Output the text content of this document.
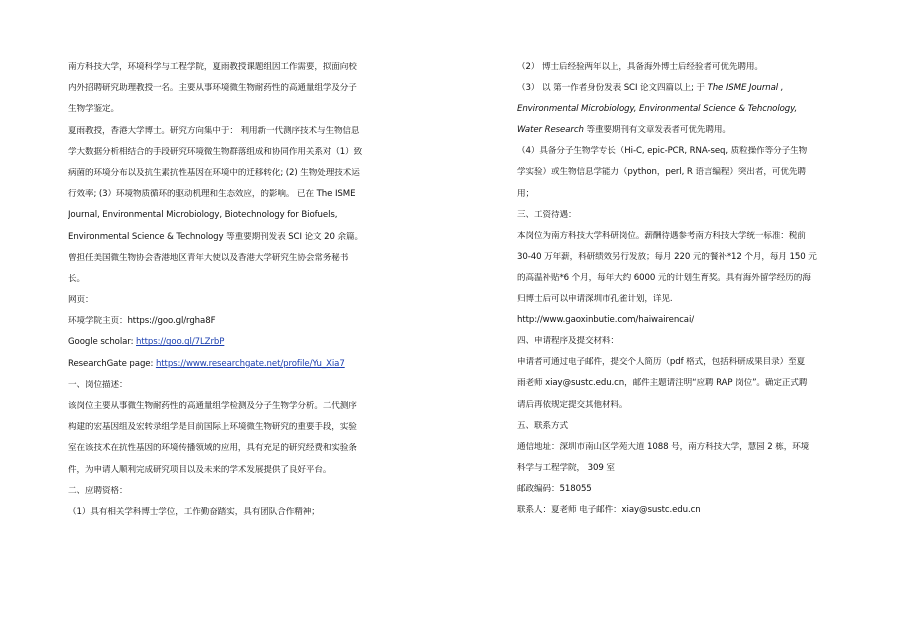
南方科技大学，环境科学与工程学院，夏雨教授课题组因工作需要，拟面向校
内外招聘研究助理教授一名。主要从事环境微生物耐药性的高通量组学及分子
生物学鉴定。
夏雨教授，香港大学博士。研究方向集中于： 利用新一代测序技术与生物信息
学大数据分析相结合的手段研究环境微生物群落组成和协同作用关系对（1）致
病菌的环境分布以及抗生素抗性基因在环境中的迁移转化; (2) 生物处理技术运
行效率; (3）环境物质循环的驱动机理和生态效应，的影响。 已在 The ISME
Journal, Environmental Microbiology, Biotechnology for Biofuels,
Environmental Science & Technology 等重要期刊发表 SCI 论文 20 余篇。
曾担任美国微生物协会香港地区青年大使以及香港大学研究生协会常务秘书
长。
网页：
环境学院主页：https://goo.gl/rgha8F
Google scholar: https://goo.gl/7LZrbP
ResearchGate page: https://www.researchgate.net/profile/Yu_Xia7
一、岗位描述：
该岗位主要从事微生物耐药性的高通量组学检测及分子生物学分析。二代测序
构建的宏基因组及宏转录组学是目前国际上环境微生物研究的重要手段，实验
室在该技术在抗性基因的环境传播领域的应用，具有充足的研究经费和实验条
件，为申请人顺利完成研究项目以及未来的学术发展提供了良好平台。
二、应聘资格：
（1）具有相关学科博士学位，工作勤奋踏实，具有团队合作精神；
（2） 博士后经验两年以上，具备海外博士后经验者可优先聘用。
（3） 以 第一作者身份发表 SCI 论文四篇以上; 于 The ISME Journal ,
Environmental Microbiology, Environmental Science & Tehcnology,
Water Research 等重要期刊有文章发表者可优先聘用。
（4）具备分子生物学专长（Hi-C, epic-PCR, RNA-seq, 质粒操作等分子生物
学实验）或生物信息学能力（python，perl, R 语言编程）突出者，可优先聘
用；
三、工资待遇：
本岗位为南方科技大学科研岗位。薪酬待遇参考南方科技大学统一标准：税前
30-40 万年薪，科研绩效另行发放；每月 220 元的餐补*12 个月，每月 150 元
的高温补贴*6 个月，每年大约 6000 元的计划生育奖。具有海外留学经历的海
归博士后可以申请深圳市孔雀计划，详见.
http://www.gaoxinbutie.com/haiwairencai/
四、申请程序及提交材料：
申请者可通过电子邮件，提交个人简历（pdf 格式，包括科研成果目录）至夏
雨老师 xiay@sustc.edu.cn，邮件主题请注明“应聘 RAP 岗位”。确定正式聘
请后再依规定提交其他材料。
五、联系方式
通信地址：深圳市南山区学苑大道 1088 号，南方科技大学，慧园 2 栋，环境
科学与工程学院， 309 室
邮政编码：518055
联系人：夏老师 电子邮件：xiay@sustc.edu.cn
